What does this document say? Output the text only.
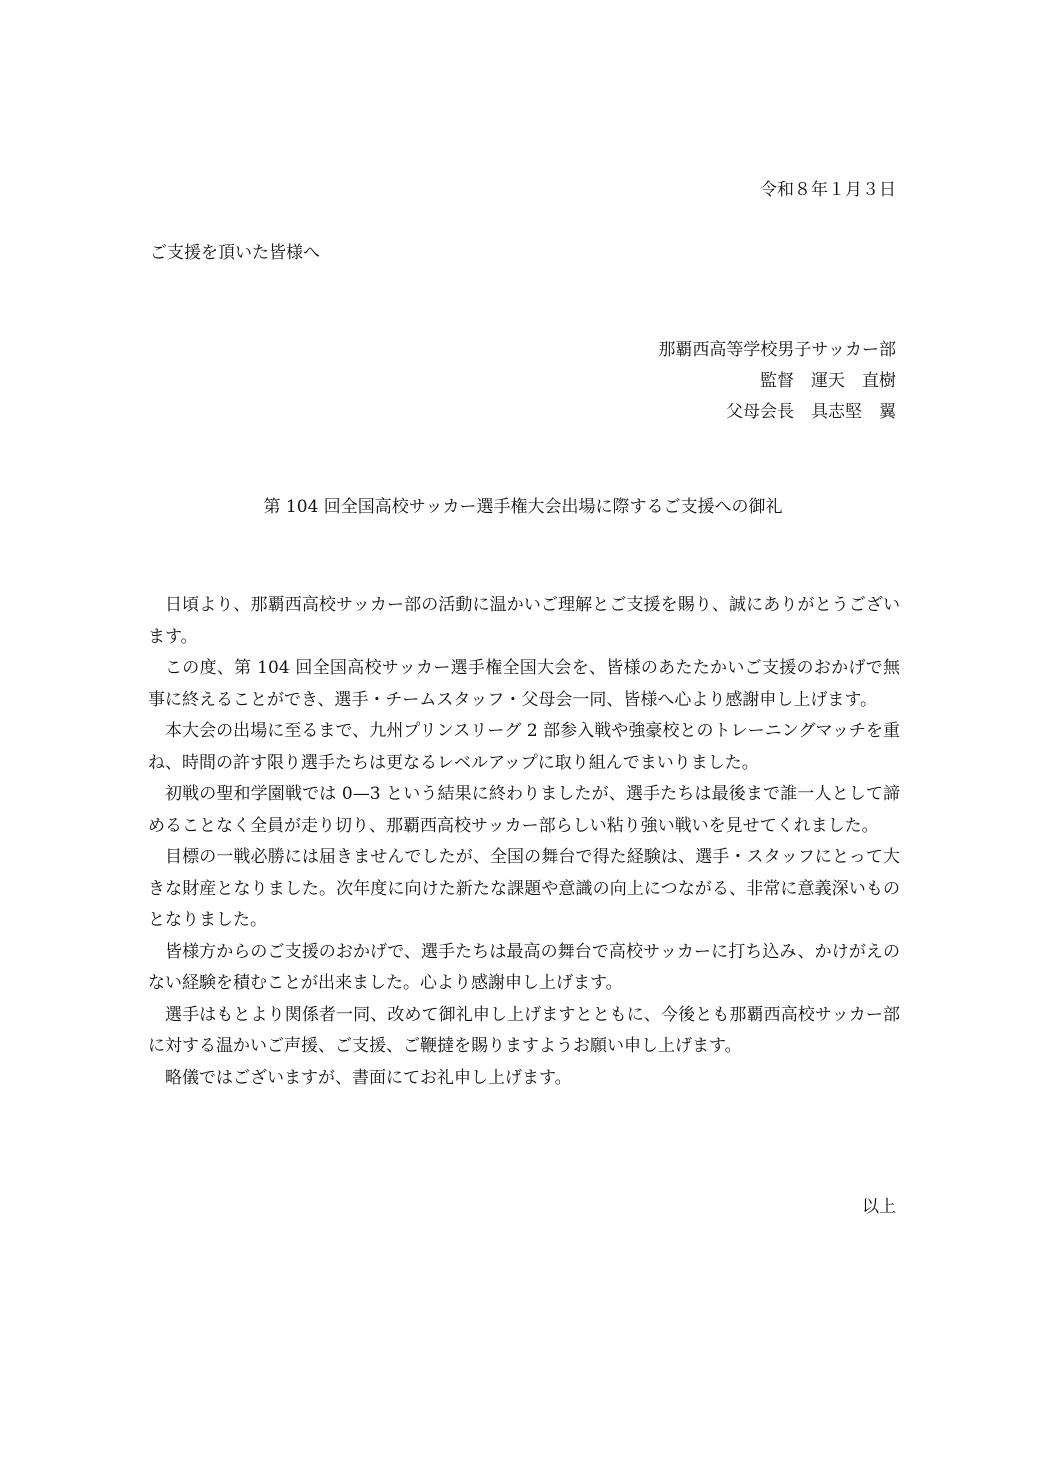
令和８年１月３日
ご支援を頂いた皆様へ
那覇西高等学校男子サッカー部
監督　運天　直樹
父母会長　具志堅　翼
第 104 回全国高校サッカー選手権大会出場に際するご支援への御礼

日頃より、那覇西高校サッカー部の活動に温かいご理解とご支援を賜り、誠にありがとうございます。

この度、第 104 回全国高校サッカー選手権全国大会を、皆様のあたたかいご支援のおかげで無事に終えることができ、選手・チームスタッフ・父母会一同、皆様へ心より感謝申し上げます。

本大会の出場に至るまで、九州プリンスリーグ 2 部参入戦や強豪校とのトレーニングマッチを重ね、時間の許す限り選手たちは更なるレベルアップに取り組んでまいりました。

初戦の聖和学園戦では 0—3 という結果に終わりましたが、選手たちは最後まで誰一人として諦めることなく全員が走り切り、那覇西高校サッカー部らしい粘り強い戦いを見せてくれました。

目標の一戦必勝には届きませんでしたが、全国の舞台で得た経験は、選手・スタッフにとって大きな財産となりました。次年度に向けた新たな課題や意識の向上につながる、非常に意義深いものとなりました。

皆様方からのご支援のおかげで、選手たちは最高の舞台で高校サッカーに打ち込み、かけがえのない経験を積むことが出来ました。心より感謝申し上げます。

選手はもとより関係者一同、改めて御礼申し上げますとともに、今後とも那覇西高校サッカー部に対する温かいご声援、ご支援、ご鞭撻を賜りますようお願い申し上げます。

略儀ではございますが、書面にてお礼申し上げます。

以上
